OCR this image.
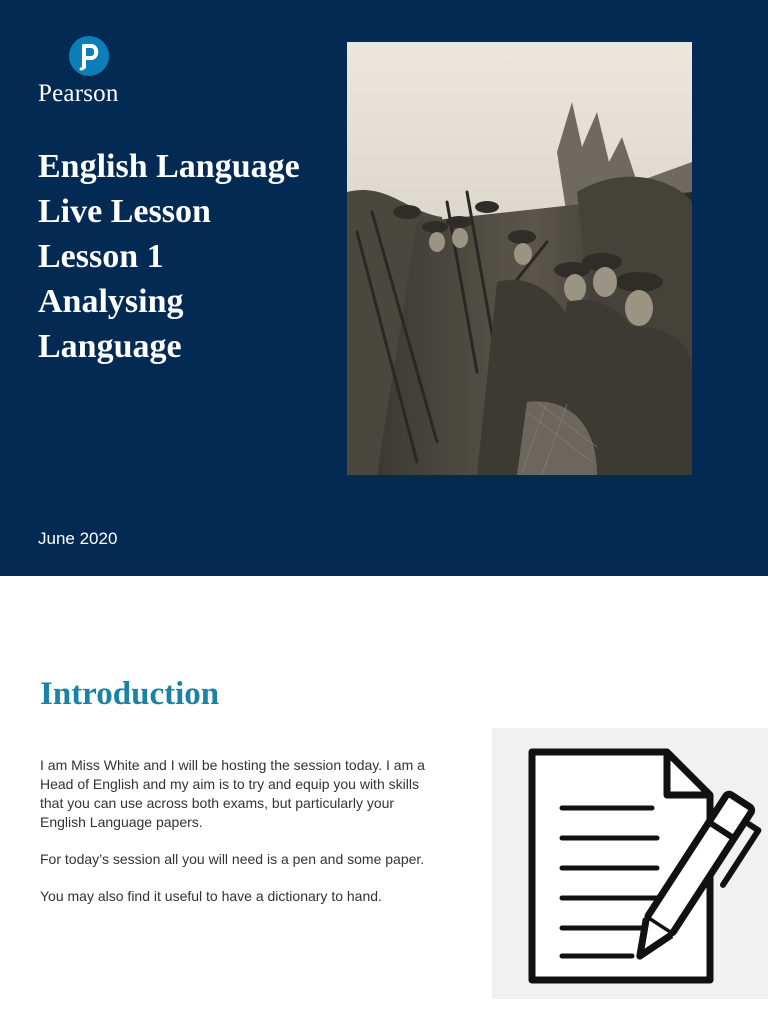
Pearson
English Language
Live Lesson
Lesson 1
Analysing
Language
June 2020
Introduction

I am Miss White and I will be hosting the session today. I am a Head of English and my aim is to try and equip you with skills that you can use across both exams, but particularly your English Language papers.

For today’s session all you will need is a pen and some paper.

You may also find it useful to have a dictionary to hand.
